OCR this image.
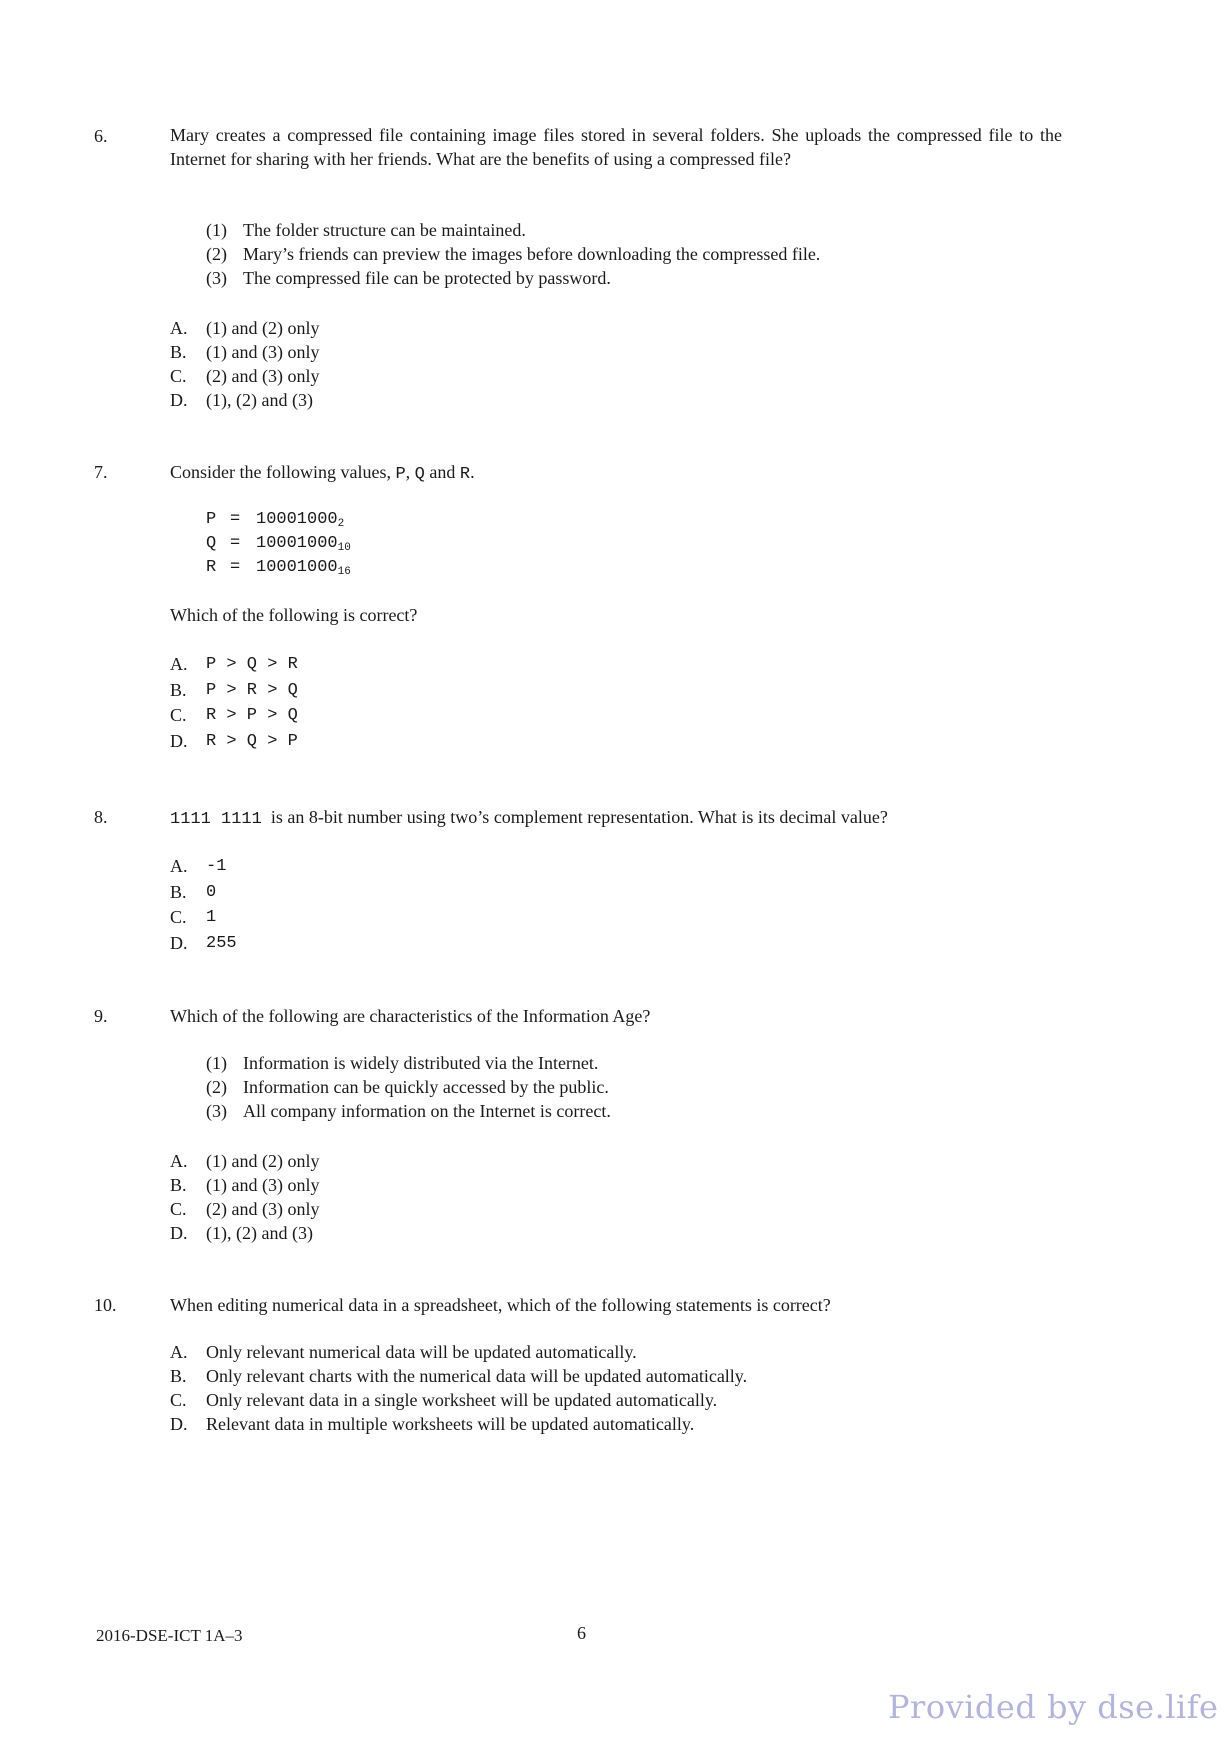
6.	Mary creates a compressed file containing image files stored in several folders. She uploads the compressed file to the Internet for sharing with her friends. What are the benefits of using a compressed file?
(1) The folder structure can be maintained.
(2) Mary’s friends can preview the images before downloading the compressed file.
(3) The compressed file can be protected by password.
A. (1) and (2) only
B. (1) and (3) only
C. (2) and (3) only
D. (1), (2) and (3)
7.	Consider the following values, P, Q and R.
$P = 10001000_2$
$Q = 10001000_{10}$
$R = 10001000_{16}$
Which of the following is correct?
A. P > Q > R
B. P > R > Q
C. R > P > Q
D. R > Q > P
8.	1111 1111 is an 8-bit number using two’s complement representation. What is its decimal value?
A. -1
B. 0
C. 1
D. 255
9.	Which of the following are characteristics of the Information Age?
(1) Information is widely distributed via the Internet.
(2) Information can be quickly accessed by the public.
(3) All company information on the Internet is correct.
A. (1) and (2) only
B. (1) and (3) only
C. (2) and (3) only
D. (1), (2) and (3)
10.	When editing numerical data in a spreadsheet, which of the following statements is correct?
A. Only relevant numerical data will be updated automatically.
B. Only relevant charts with the numerical data will be updated automatically.
C. Only relevant data in a single worksheet will be updated automatically.
D. Relevant data in multiple worksheets will be updated automatically.
2016-DSE-ICT 1A–3	6
Provided by dse.life
